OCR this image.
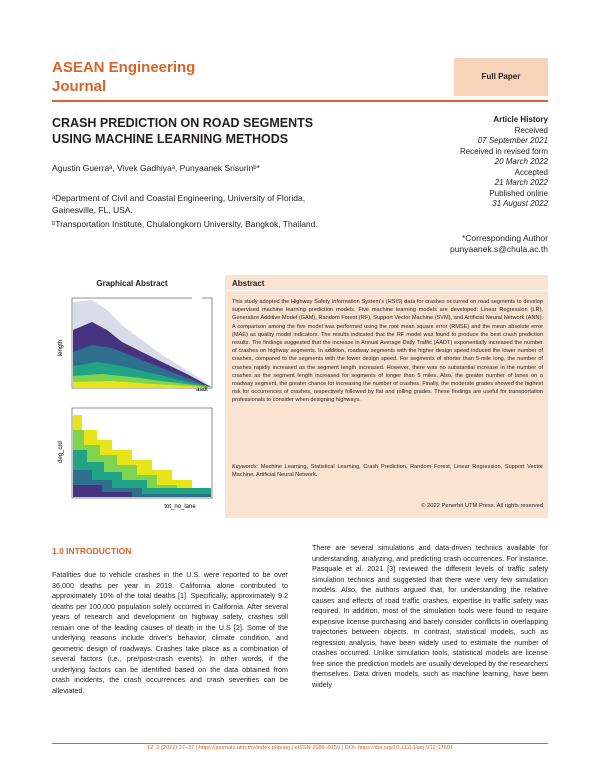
ASEAN Engineering
Journal
Full Paper
CRASH PREDICTION ON ROAD SEGMENTS
USING MACHINE LEARNING METHODS
Agustin Guerraᵃ, Vivek Gadhiyaᵃ, Punyaanek Srisurinᵇ*
ᵃDepartment of Civil and Coastal Engineering, University of Florida,
Gainesville, FL, USA.
ᵇTransportation Institute, Chulalongkorn University, Bangkok, Thailand.
Article History
Received
07 September 2021
Received in revised form
20 March 2022
Accepted
21 March 2022
Published online
31 August 2022
*Corresponding Author
punyaanek.s@chula.ac.th
Graphical Abstract
length
aadt
deg_crd
tot_no_lane
Abstract
This study adopted the Highway Safety Information System's (HSIS) data for crashes occurred on road segments to develop supervised machine learning prediction models. Five machine learning models are developed: Linear Regression (LR), Generalize Additive Model (GAM), Random Forest (RF), Support Vector Machine (SVM), and Artificial Neural Network (ANN). A comparison among the five model was performed using the root mean square error (RMSE) and the mean absolute error (MAE) as quality model indicators. The results indicated that the RF model was found to produce the best crash prediction results. The findings suggested that the increase in Annual Average Daily Traffic (AADT) exponentially increased the number of crashes on highway segments. In addition, roadway segments with the higher design speed induced the lower number of crashes, compared to the segments with the lower design speed. For segments of shorter than 5-mile long, the number of crashes rapidly increased as the segment length increased. However, there was no substantial increase in the number of crashes as the segment length increased for segments of longer than 5 miles. Also, the greater number of lanes on a roadway segment, the greater chance for increasing the number of crashes. Finally, the moderate grades showed the highest risk for occurrences of crashes, respectively followed by flat and rolling grades. These findings are useful for transportation professionals to consider when designing highways.
Keywords: Machine Learning, Statistical Learning, Crash Prediction, Random Forest, Linear Regression, Support Vector Machine, Artificial Neural Network.
© 2022 Penerbit UTM Press. All rights reserved
1.0 INTRODUCTION
Fatalities due to vehicle crashes in the U.S. were reported to be over 36,000 deaths per year in 2019. California alone contributed to approximately 10% of the total deaths [1]. Specifically, approximately 9.2 deaths per 100,000 population solely occurred in California. After several years of research and development on highway safety, crashes still remain one of the leading causes of death in the U.S [2]. Some of the underlying reasons include driver's behavior, climate condition, and geometric design of roadways. Crashes take place as a combination of several factors (i.e., pre/post-crash events). In other words, if the underlying factors can be identified based on the data obtained from crash incidents, the crash occurrences and crash severities can be alleviated.
There are several simulations and data-driven technics available for understanding, analyzing, and predicting crash occurrences. For instance, Pasquale et al. 2021 [3] reviewed the different levels of traffic safety simulation technics and suggested that there were very few simulation models. Also, the authors argued that, for understanding the relative causes and effects of road traffic crashes, expertise in traffic safety was required. In addition, most of the simulation tools were found to require expensive license purchasing and barely consider conflicts in overlapping trajectories between objects. In contrast, statistical models, such as regression analysis, have been widely used to estimate the number of crashes occurred. Unlike simulation tools, statistical models are license free since the prediction models are usually developed by the researchers themselves. Data driven models, such as machine learning, have been widely
12: 3 (2022) 27–37 | https://journals.utm.my/index.php/aej | eISSN 2586–9159 | DOI: https://doi.org/10.11113/aej.V12.17601
